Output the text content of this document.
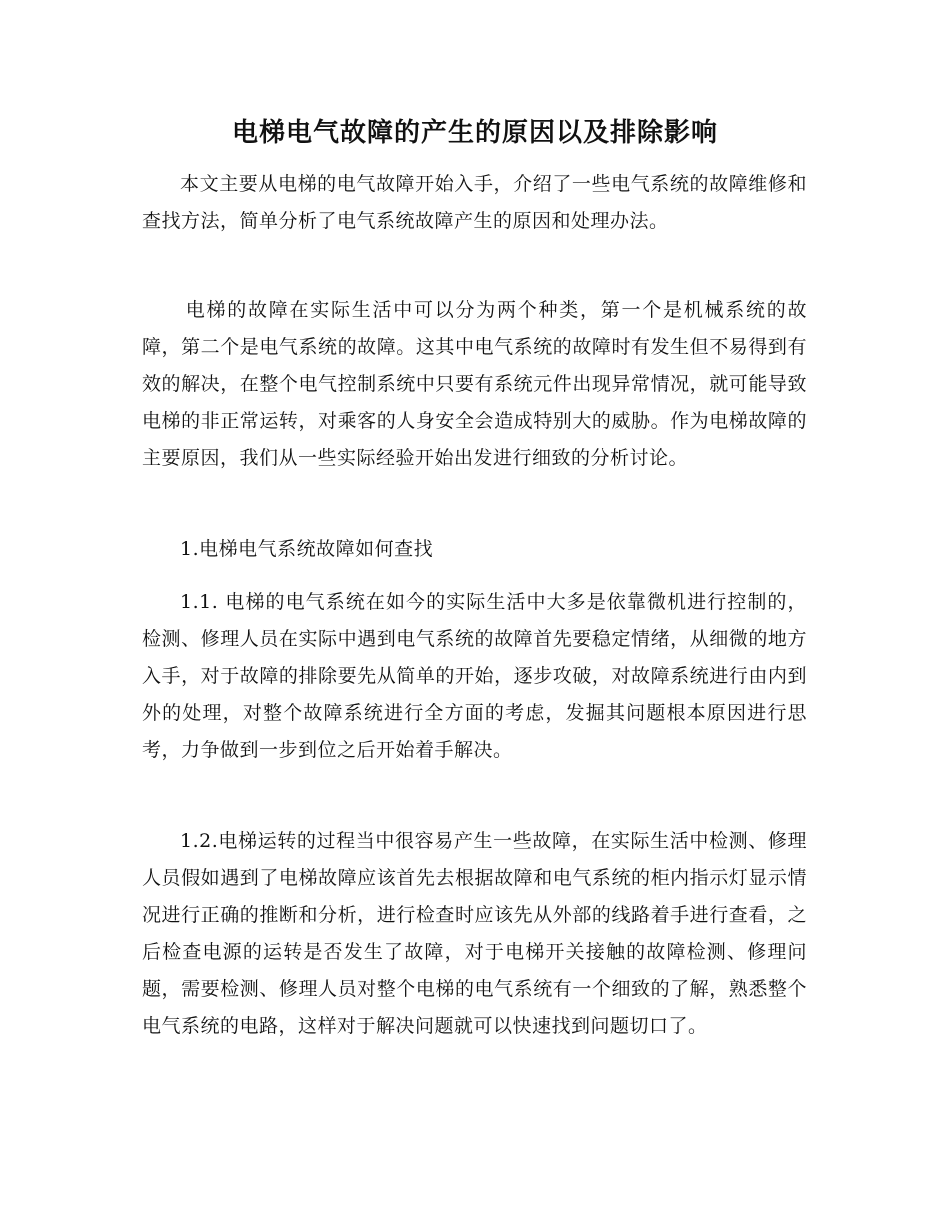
电梯电气故障的产生的原因以及排除影响

本文主要从电梯的电气故障开始入手，介绍了一些电气系统的故障维修和查找方法，简单分析了电气系统故障产生的原因和处理办法。

电梯的故障在实际生活中可以分为两个种类，第一个是机械系统的故障，第二个是电气系统的故障。这其中电气系统的故障时有发生但不易得到有效的解决，在整个电气控制系统中只要有系统元件出现异常情况，就可能导致电梯的非正常运转，对乘客的人身安全会造成特别大的威胁。作为电梯故障的主要原因，我们从一些实际经验开始出发进行细致的分析讨论。

1.电梯电气系统故障如何查找

1.1. 电梯的电气系统在如今的实际生活中大多是依靠微机进行控制的，检测、修理人员在实际中遇到电气系统的故障首先要稳定情绪，从细微的地方入手，对于故障的排除要先从简单的开始，逐步攻破，对故障系统进行由内到外的处理，对整个故障系统进行全方面的考虑，发掘其问题根本原因进行思考，力争做到一步到位之后开始着手解决。

1.2.电梯运转的过程当中很容易产生一些故障，在实际生活中检测、修理人员假如遇到了电梯故障应该首先去根据故障和电气系统的柜内指示灯显示情况进行正确的推断和分析，进行检查时应该先从外部的线路着手进行查看，之后检查电源的运转是否发生了故障，对于电梯开关接触的故障检测、修理问题，需要检测、修理人员对整个电梯的电气系统有一个细致的了解，熟悉整个电气系统的电路，这样对于解决问题就可以快速找到问题切口了。
